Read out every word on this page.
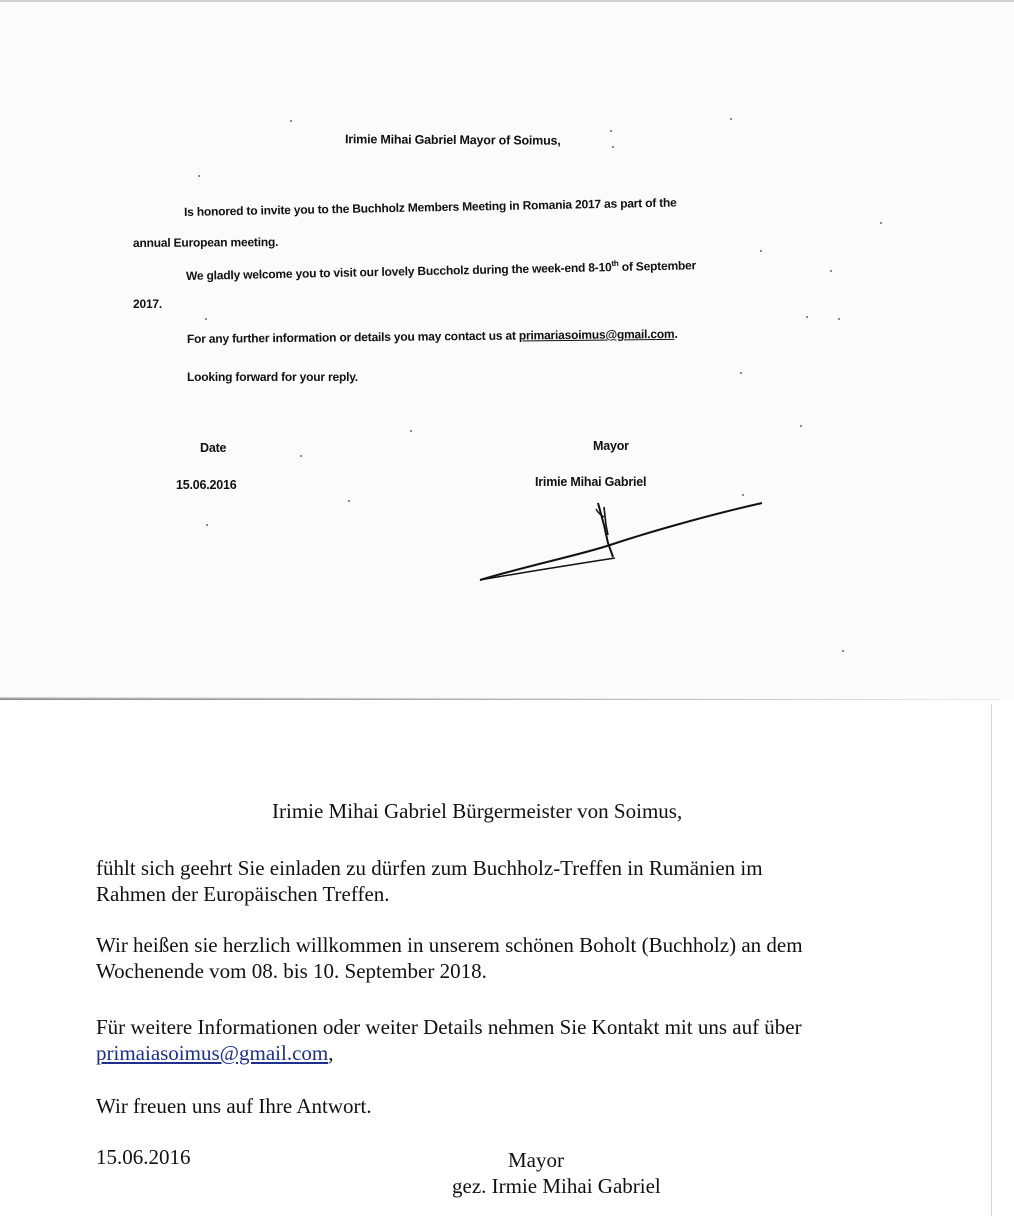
Irimie Mihai Gabriel Mayor of Soimus,
Is honored to invite you to the Buchholz Members Meeting in Romania 2017 as part of the
annual European meeting.
We gladly welcome you to visit our lovely Buccholz during the week-end 8-10th of September
2017.
For any further information or details you may contact us at primariasoimus@gmail.com.
Looking forward for your reply.
Date
15.06.2016
Mayor
Irimie Mihai Gabriel
Irimie Mihai Gabriel Bürgermeister von Soimus,
fühlt sich geehrt Sie einladen zu dürfen zum Buchholz-Treffen in Rumänien im
Rahmen der Europäischen Treffen.
Wir heißen sie herzlich willkommen in unserem schönen Boholt (Buchholz) an dem
Wochenende vom 08. bis 10. September 2018.
Für weitere Informationen oder weiter Details nehmen Sie Kontakt mit uns auf über
primaiasoimus@gmail.com,
Wir freuen uns auf Ihre Antwort.
15.06.2016	Mayor
gez. Irmie Mihai Gabriel
